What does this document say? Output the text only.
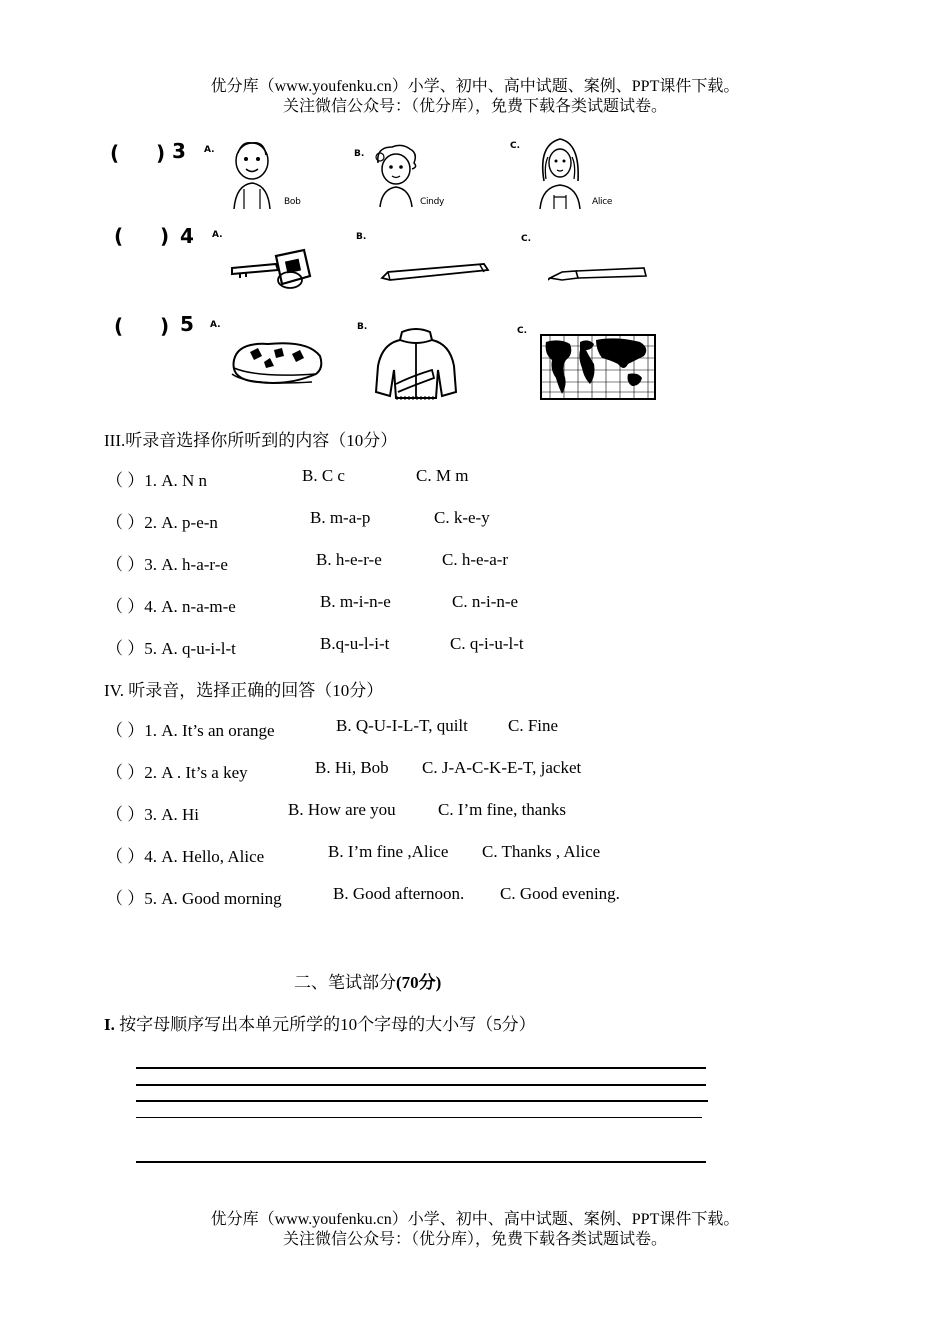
优分库（www.youfenku.cn）小学、初中、高中试题、案例、PPT课件下载。
关注微信公众号：（优分库），免费下载各类试题试卷。
( ) 3 A.
Bob
B.
Cindy
C.
Alice
( ) 4 A.	B.	C.
( ) 5 A.	B.	C.
III.听录音选择你所听到的内容（10分）
（ ）1. A. N n	B. C c	C. M m
（ ）2. A. p-e-n	B. m-a-p	C. k-e-y
（ ）3. A. h-a-r-e	B. h-e-r-e	C. h-e-a-r
（ ）4. A. n-a-m-e	B. m-i-n-e	C. n-i-n-e
（ ）5. A. q-u-i-l-t	B.q-u-l-i-t	C. q-i-u-l-t
IV. 听录音，选择正确的回答（10分）
（ ）1. A. It’s an orange	B. Q-U-I-L-T, quilt C. Fine
（ ）2. A . It’s a key	B. Hi, Bob C. J-A-C-K-E-T, jacket
（ ）3. A. Hi	B. How are you C. I’m fine, thanks
（ ）4. A. Hello, Alice	B. I’m fine ,Alice C. Thanks , Alice
（ ）5. A. Good morning	B. Good afternoon. C. Good evening.
二、笔试部分(70分)
I. 按字母顺序写出本单元所学的10个字母的大小写（5分）
优分库（www.youfenku.cn）小学、初中、高中试题、案例、PPT课件下载。
关注微信公众号：（优分库），免费下载各类试题试卷。
